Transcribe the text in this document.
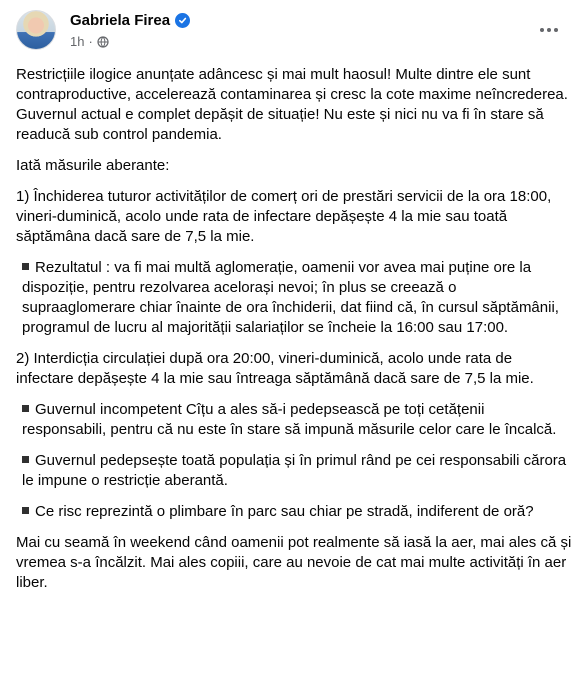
Gabriela Firea
1h ·
Restricțiile ilogice anunțate adâncesc și mai mult haosul! Multe dintre ele sunt contraproductive, accelerează contaminarea și cresc la cote maxime neîncrederea. Guvernul actual e complet depășit de situație! Nu este și nici nu va fi în stare să readucă sub control pandemia.
Iată măsurile aberante:
1) Închiderea tuturor activităților de comerț ori de prestări servicii de la ora 18:00, vineri-duminică, acolo unde rata de infectare depășește 4 la mie sau toată săptămâna dacă sare de 7,5 la mie.
Rezultatul : va fi mai multă aglomerație, oamenii vor avea mai puține ore la dispoziție, pentru rezolvarea acelorași nevoi; în plus se creează o supraaglomerare chiar înainte de ora închiderii, dat fiind că, în cursul săptămânii, programul de lucru al majorității salariaților se încheie la 16:00 sau 17:00.
2) Interdicția circulației după ora 20:00, vineri-duminică, acolo unde rata de infectare depășește 4 la mie sau întreaga săptămână dacă sare de 7,5 la mie.
Guvernul incompetent Cîțu a ales să-i pedepsească pe toți cetățenii responsabili, pentru că nu este în stare să impună măsurile celor care le încalcă.
Guvernul pedepsește toată populația și în primul rând pe cei responsabili cărora le impune o restricție aberantă.
Ce risc reprezintă o plimbare în parc sau chiar pe stradă, indiferent de oră?
Mai cu seamă în weekend când oamenii pot realmente să iasă la aer, mai ales că și vremea s-a încălzit. Mai ales copiii, care au nevoie de cat mai multe activități în aer liber.
